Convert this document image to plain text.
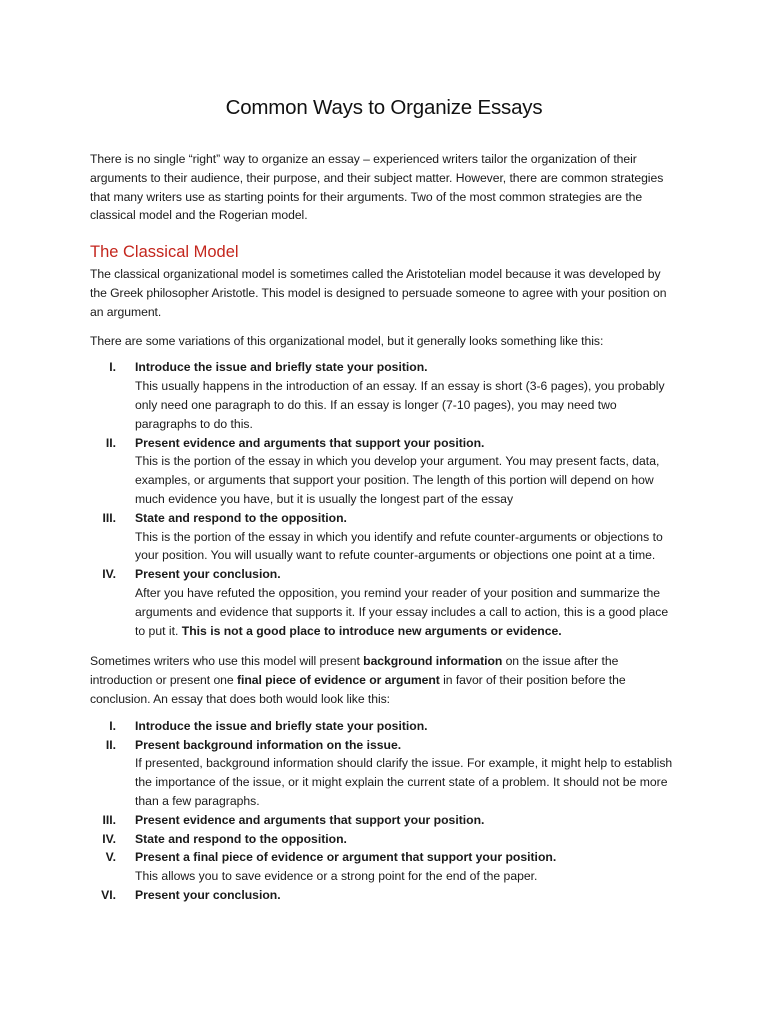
Common Ways to Organize Essays

There is no single “right” way to organize an essay – experienced writers tailor the organization of their arguments to their audience, their purpose, and their subject matter. However, there are common strategies that many writers use as starting points for their arguments. Two of the most common strategies are the classical model and the Rogerian model.

The Classical Model

The classical organizational model is sometimes called the Aristotelian model because it was developed by the Greek philosopher Aristotle. This model is designed to persuade someone to agree with your position on an argument.

There are some variations of this organizational model, but it generally looks something like this:

I. Introduce the issue and briefly state your position.
This usually happens in the introduction of an essay. If an essay is short (3-6 pages), you probably only need one paragraph to do this. If an essay is longer (7-10 pages), you may need two paragraphs to do this.
II. Present evidence and arguments that support your position.
This is the portion of the essay in which you develop your argument. You may present facts, data, examples, or arguments that support your position. The length of this portion will depend on how much evidence you have, but it is usually the longest part of the essay
III. State and respond to the opposition.
This is the portion of the essay in which you identify and refute counter-arguments or objections to your position. You will usually want to refute counter-arguments or objections one point at a time.
IV. Present your conclusion.
After you have refuted the opposition, you remind your reader of your position and summarize the arguments and evidence that supports it. If your essay includes a call to action, this is a good place to put it. This is not a good place to introduce new arguments or evidence.

Sometimes writers who use this model will present background information on the issue after the introduction or present one final piece of evidence or argument in favor of their position before the conclusion. An essay that does both would look like this:

I. Introduce the issue and briefly state your position.
II. Present background information on the issue.
If presented, background information should clarify the issue. For example, it might help to establish the importance of the issue, or it might explain the current state of a problem. It should not be more than a few paragraphs.
III. Present evidence and arguments that support your position.
IV. State and respond to the opposition.
V. Present a final piece of evidence or argument that support your position.
This allows you to save evidence or a strong point for the end of the paper.
VI. Present your conclusion.
